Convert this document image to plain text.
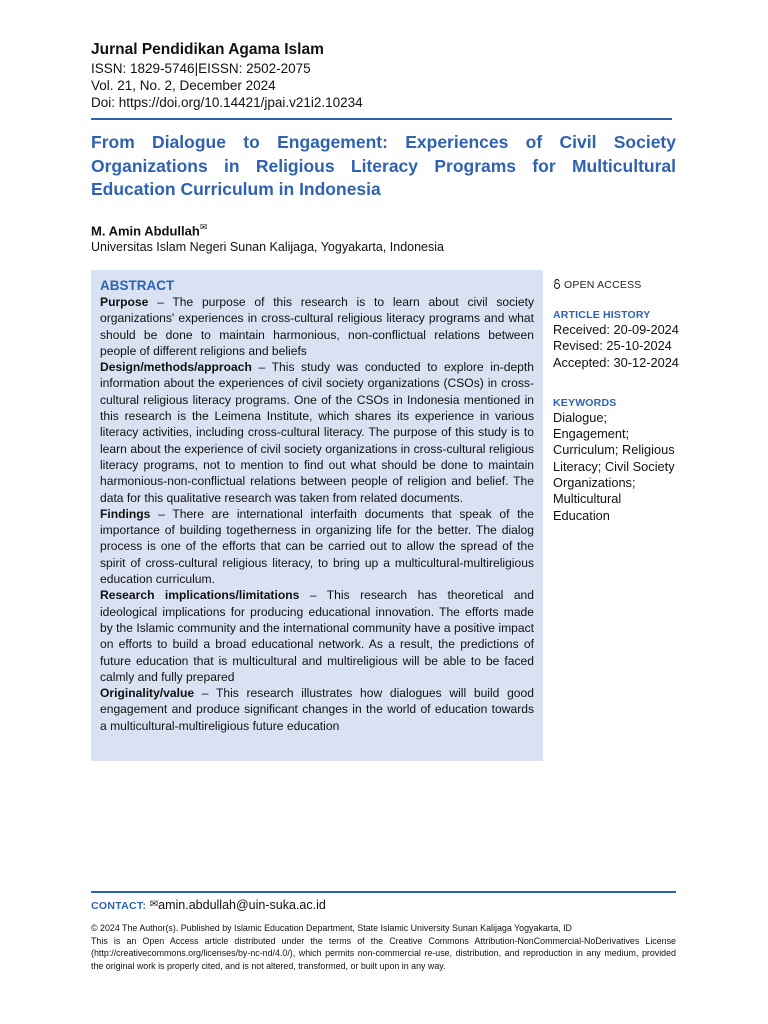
Jurnal Pendidikan Agama Islam
ISSN: 1829-5746|EISSN: 2502-2075
Vol. 21, No. 2, December 2024
Doi: https://doi.org/10.14421/jpai.v21i2.10234
From Dialogue to Engagement: Experiences of Civil Society Organizations in Religious Literacy Programs for Multicultural Education Curriculum in Indonesia
M. Amin Abdullah✉
Universitas Islam Negeri Sunan Kalijaga, Yogyakarta, Indonesia
ABSTRACT

Purpose – The purpose of this research is to learn about civil society organizations' experiences in cross-cultural religious literacy programs and what should be done to maintain harmonious, non-conflictual relations between people of different religions and beliefs

Design/methods/approach – This study was conducted to explore in-depth information about the experiences of civil society organizations (CSOs) in cross-cultural religious literacy programs. One of the CSOs in Indonesia mentioned in this research is the Leimena Institute, which shares its experience in various literacy activities, including cross-cultural literacy. The purpose of this study is to learn about the experience of civil society organizations in cross-cultural religious literacy programs, not to mention to find out what should be done to maintain harmonious-non-conflictual relations between people of religion and belief. The data for this qualitative research was taken from related documents.

Findings – There are international interfaith documents that speak of the importance of building togetherness in organizing life for the better. The dialog process is one of the efforts that can be carried out to allow the spread of the spirit of cross-cultural religious literacy, to bring up a multicultural-multireligious education curriculum.

Research implications/limitations – This research has theoretical and ideological implications for producing educational innovation. The efforts made by the Islamic community and the international community have a positive impact on efforts to build a broad educational network. As a result, the predictions of future education that is multicultural and multireligious will be able to be faced calmly and fully prepared

Originality/value – This research illustrates how dialogues will build good engagement and produce significant changes in the world of education towards a multicultural-multireligious future education

OPEN ACCESS
ARTICLE HISTORY
Received: 20-09-2024
Revised: 25-10-2024
Accepted: 30-12-2024
KEYWORDS
Dialogue;
Engagement;
Curriculum; Religious
Literacy; Civil Society
Organizations;
Multicultural
Education
CONTACT: ✉amin.abdullah@uin-suka.ac.id
© 2024 The Author(s). Published by Islamic Education Department, State Islamic University Sunan Kalijaga Yogyakarta, ID
This is an Open Access article distributed under the terms of the Creative Commons Attribution-NonCommercial-NoDerivatives License (http://creativecommons.org/licenses/by-nc-nd/4.0/), which permits non-commercial re-use, distribution, and reproduction in any medium, provided the original work is properly cited, and is not altered, transformed, or built upon in any way.
